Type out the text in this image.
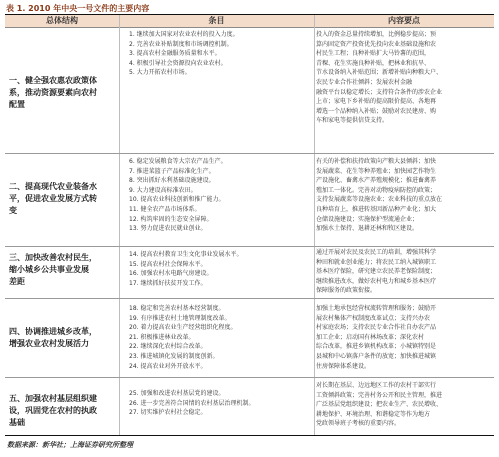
表 1. 2010 年中央一号文件的主要内容
总体结构	条目	内容要点
一、健全强农惠农政策体
系，推动资源要素向农村
配置
1. 继续加大国家对农业农村的投入力度。
2. 完善农业补贴制度和市场调控机制。
3. 提高农村金融服务质量和水平。
4. 积极引导社会资源投向农业农村。
5. 大力开拓农村市场。
投入的资金总量持续增加，比例稳步提高；预
算内固定资产投资优先投向农业基础设施和农
村民生工程；良种补贴扩大马铃薯的范围，
青稞、花生实施良种补贴，把林业和抗旱、
节水设备纳入补贴范围；新增补贴向种粮大户、
农民专业合作社倾斜；发展农村金融
融资平台以稳定增长；支持符合条件的涉农企业
上市；家电下乡补贴的提高限价提高、各地再
增选一个品种纳入补贴；鼓励对农民建房、购
车和家电等提供信贷支持。
二、提高现代农业装备水
平，促进农业发展方式转
变
6. 稳定发展粮食等大宗农产品生产。
7. 推进菜篮子产品标准化生产。
8. 突出抓好水利基础设施建设。
9. 大力建设高标准农田。
10. 提高农业科技创新和推广能力。
11. 健全农产品市场体系。
12. 构筑牢固的生态安全屏障。
13. 努力促进农民就业创业。
有关的补偿和扶持政策向产粮大县倾斜；加快
发展蔬菜、花生等种养殖业；加快园艺作物生
产设施化、畜禽水产养殖规模化；推进畜禽养
殖加工一体化。完善对动物疫病防控的政策；
支持发展蔬菜等设施农业；农业科技的重点放在
良种培育上，推进转基因新品种产业化；加大
仓储设施建设；实施保护型流通企业；
加强水土保持、退耕还林和牧区建设。
三、加快改善农村民生，
缩小城乡公共事业发展
差距
14. 提高农村教育卫生文化事业发展水平。
15. 提高农村社会保障水平。
16. 加强农村水电路气房建设。
17. 继续抓好扶贫开发工作。
通过开展对农民及农民工的培训，增强其科学
种田和就业创业能力；将农民工纳入城镇职工
基本医疗保险，研究建立农民养老保险制度；
继续推进改水，做好农村电力和城乡基本医疗
保障服务的政策衔接。
四、协调推进城乡改革，
增强农业农村发展活力
18. 稳定和完善农村基本经营制度。
19. 有序推进农村土地管理制度改革。
20. 着力提高农业生产经营组织化程度。
21. 积极推进林业改革。
22. 继续深化农村综合改革。
23. 推进城镇化发展的制度创新。
24. 提高农业对外开放水平。
加强土地承包经营权流转管理和服务；鼓励开
展农村集体产权制度改革试点；支持兴办农
村家庭农场；支持农民专业合作社自办农产品
加工企业；启动国有林场改革；深化农村
综合改革，推进乡镇机构改革；小城镇特别是
县城和中心镇落户条件的放宽；加快推进城镇
住房保障体系建设。
五、加强农村基层组织建
设，巩固党在农村的执政
基础
25. 加强和改进农村基层党的建设。
26. 进一步完善符合国情的农村基层治理机制。
27. 切实维护农村社会稳定。
对长期在基层、边远地区工作的农村干部实行
工资倾斜政策；完善村务公开和民主管理，推进
广泛基层党组织建设；把农业生产、农民增收、
耕地保护、环境治理、和谐稳定等作为地方
党政领导班子考核的重要内容。
数据来源：新华社；上海证券研究所整理
